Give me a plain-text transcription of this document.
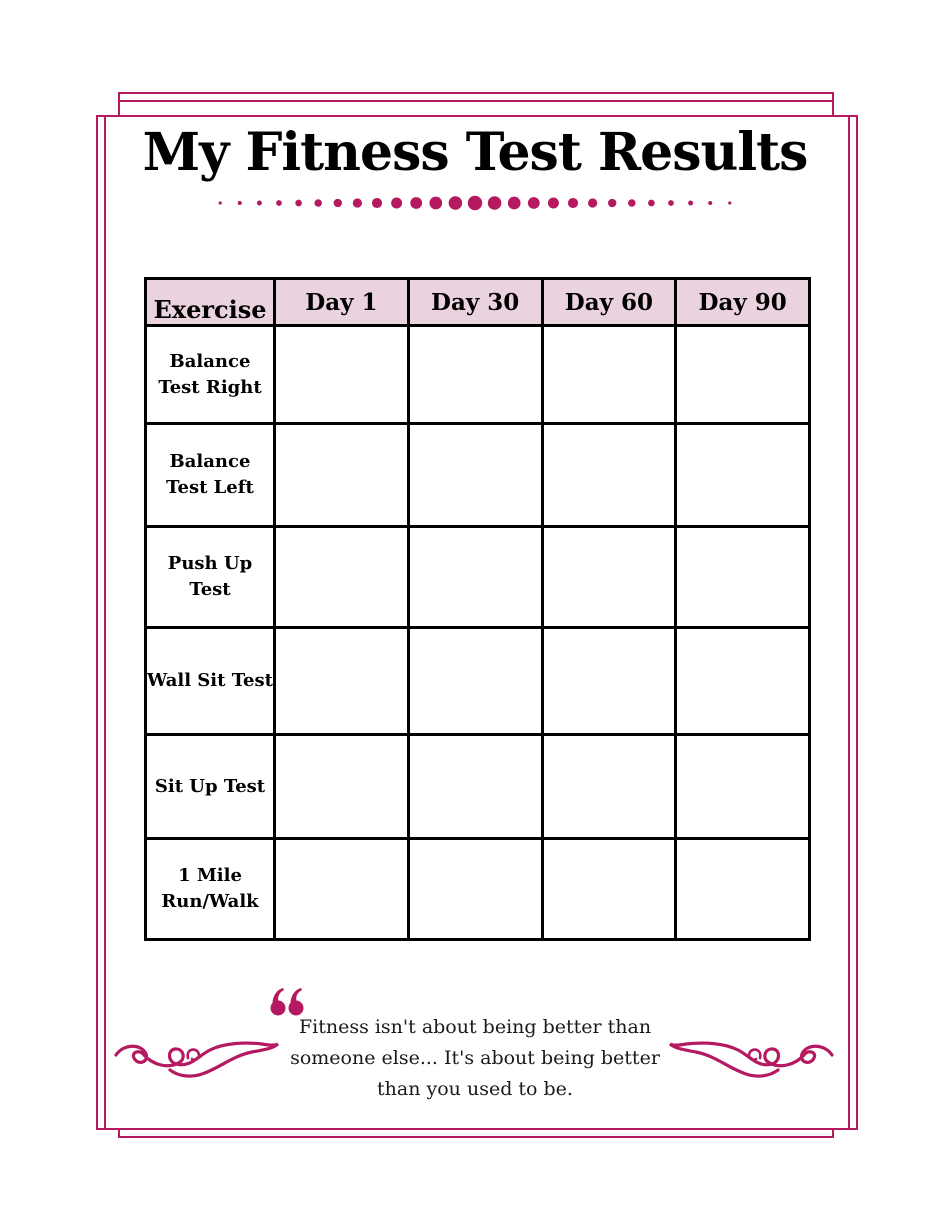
My Fitness Test Results
Exercise	Day 1	Day 30	Day 60	Day 90
Balance Test Right				
Balance Test Left				
Push Up Test				
Wall Sit Test				
Sit Up Test				
1 Mile Run/Walk				

Fitness isn't about being better than someone else... It's about being better than you used to be.
